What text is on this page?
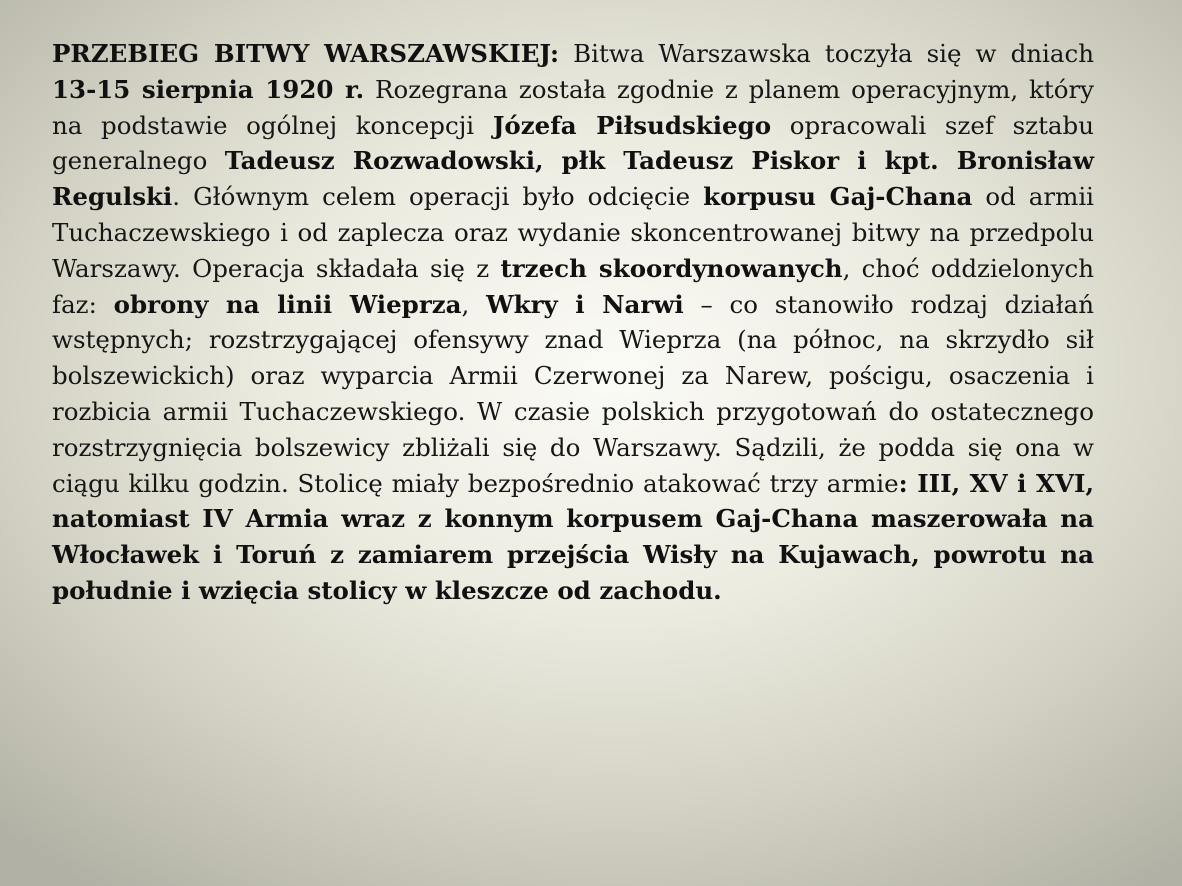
PRZEBIEG BITWY WARSZAWSKIEJ: Bitwa Warszawska toczyła się w dniach 13-15 sierpnia 1920 r. Rozegrana została zgodnie z planem operacyjnym, który na podstawie ogólnej koncepcji Józefa Piłsudskiego opracowali szef sztabu generalnego Tadeusz Rozwadowski, płk Tadeusz Piskor i kpt. Bronisław Regulski. Głównym celem operacji było odcięcie korpusu Gaj-Chana od armii Tuchaczewskiego i od zaplecza oraz wydanie skoncentrowanej bitwy na przedpolu Warszawy. Operacja składała się z trzech skoordynowanych, choć oddzielonych faz: obrony na linii Wieprza, Wkry i Narwi – co stanowiło rodzaj działań wstępnych; rozstrzygającej ofensywy znad Wieprza (na północ, na skrzydło sił bolszewickich) oraz wyparcia Armii Czerwonej za Narew, pościgu, osaczenia i rozbicia armii Tuchaczewskiego. W czasie polskich przygotowań do ostatecznego rozstrzygnięcia bolszewicy zbliżali się do Warszawy. Sądzili, że podda się ona w ciągu kilku godzin. Stolicę miały bezpośrednio atakować trzy armie: III, XV i XVI, natomiast IV Armia wraz z konnym korpusem Gaj-Chana maszerowała na Włocławek i Toruń z zamiarem przejścia Wisły na Kujawach, powrotu na południe i wzięcia stolicy w kleszcze od zachodu.
